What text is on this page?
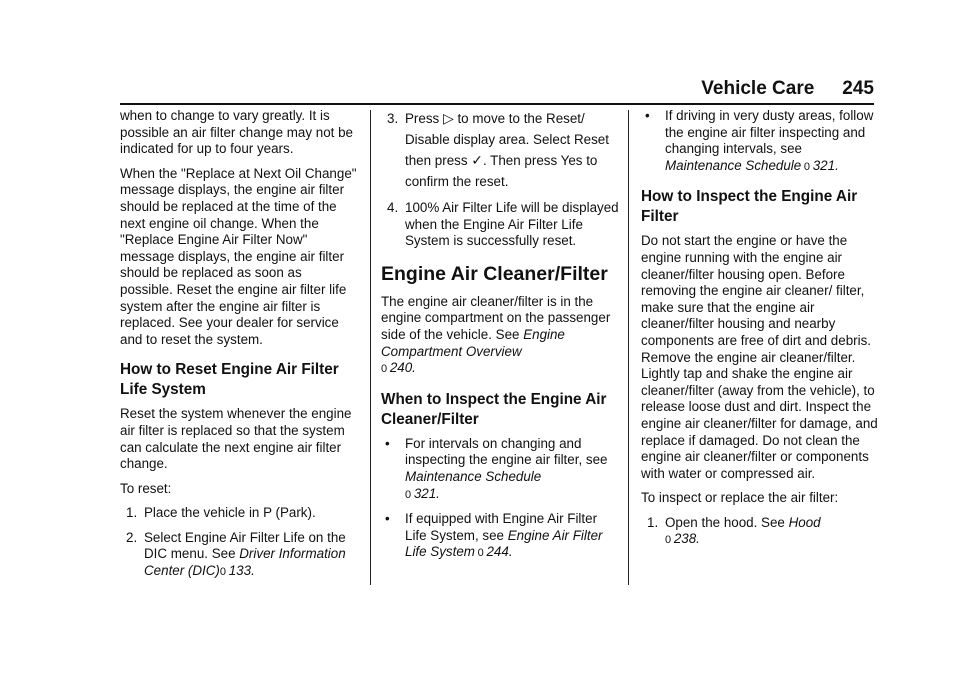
Vehicle Care 245

when to change to vary greatly. It is possible an air filter change may not be indicated for up to four years.

When the "Replace at Next Oil Change" message displays, the engine air filter should be replaced at the time of the next engine oil change. When the "Replace Engine Air Filter Now" message displays, the engine air filter should be replaced as soon as possible. Reset the engine air filter life system after the engine air filter is replaced. See your dealer for service and to reset the system.

How to Reset Engine Air Filter Life System

Reset the system whenever the engine air filter is replaced so that the system can calculate the next engine air filter change.

To reset:

1. Place the vehicle in P (Park).
2. Select Engine Air Filter Life on the DIC menu. See Driver Information Center (DIC)0  133.
3. Press ▷ to move to the Reset/ Disable display area. Select Reset then press ✓. Then press Yes to confirm the reset.
4. 100% Air Filter Life will be displayed when the Engine Air Filter Life System is successfully reset.
Engine Air Cleaner/Filter

The engine air cleaner/filter is in the engine compartment on the passenger side of the vehicle. See Engine Compartment Overview
0  240.

When to Inspect the Engine Air Cleaner/Filter
• For intervals on changing and inspecting the engine air filter, see Maintenance Schedule
0  321.
• If equipped with Engine Air Filter Life System, see Engine Air Filter Life System  0  244.
• If driving in very dusty areas, follow the engine air filter inspecting and changing intervals, see Maintenance Schedule  0  321.
How to Inspect the Engine Air Filter

Do not start the engine or have the engine running with the engine air cleaner/filter housing open. Before removing the engine air cleaner/ filter, make sure that the engine air cleaner/filter housing and nearby components are free of dirt and debris. Remove the engine air cleaner/filter. Lightly tap and shake the engine air cleaner/filter (away from the vehicle), to release loose dust and dirt. Inspect the engine air cleaner/filter for damage, and replace if damaged. Do not clean the engine air cleaner/filter or components with water or compressed air.

To inspect or replace the air filter:

1. Open the hood. See Hood
0  238.
